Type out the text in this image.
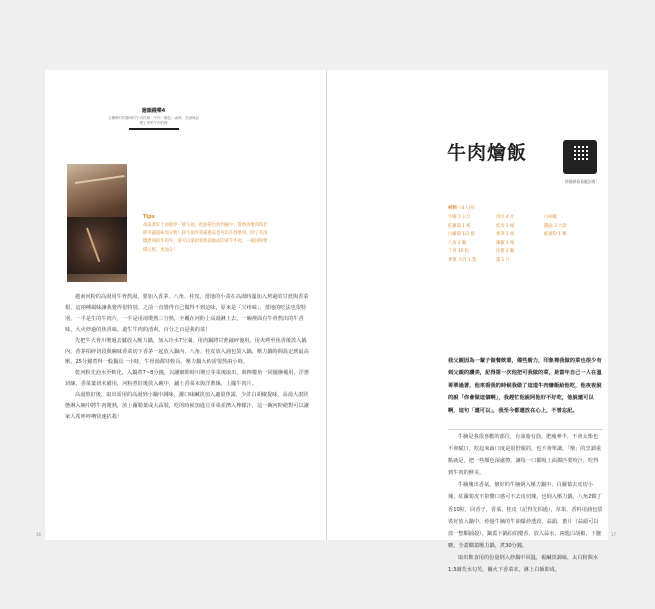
滬韻錢樂4
五種鄉村的鹽味的牛肉料理・牛肉・麵包・滷味、烹調與品嚐上等的牛肉料理
Tips
高湯煮好上面會浮一層牛油，把油撈出放到碗中，當炒清燉肉時若即可讓滋味加分喔！除牛油外常備蔥蒜也可以在炒菜用。除了有清燉煮熟的牛肉外，還可以拿剁骨熬湯做成的拿手牛肉，一碗河粉要價元呢，更加分！

越南河粉的高湯用牛骨熬湯，要加入香茅、八角、桂皮、當地的小苗在高湯時溫加入烤過的甘蔗與香菜根，這兩種風味讓我覺得很特別。之前一直覺得自己做得不到這味，原來是「欠疼味」，當地的吃法也很特別，一半是生的牛肉片，一半是用湯燙熟三分熟，全覆在河粉上高湯淋上去，一碗裡面有牛骨熬出的牛香味、大火炒過的焦香味，還生牛肉的清爽，百分之百是我的菜！

先把牛大骨川燙過去膩放入壓力鍋，加入冷水7分滿，用肉鍋將甘蔗敲碎後用，用火烤至焦香後放入鍋內，香茅拍碎切段與碗味香菜切下香茅一起放入鍋內，八角、桂皮放入滷包袋入鍋，壓力鍋時間設定到最高壓，25分鐘煮得一般鍋具一小時，牛骨湯都待較長，壓力鍋大約需要熬兩小時。

乾河粉先泡水至軟化，入鍋煮7~8分鐘，以濾網問時川燙豆芽菜後取出，與檸檬角一同擺盤備用，洋蔥切絲，香菜葉切末備用，河粉煮好後放入碗中，鋪上香菜末與洋蔥絲，上擺牛肉片。

高湯熬好後，取出需用的高湯到小鍋中調味，濾口味鹹淡加入適量魚露，少許白胡椒提味，高湯大滾狀態淋入碗中將牛肉燙熟，放上蘿勒葉或大蒜裝，吃的時候加進豆芽菜並擠入檸檬汁，這一碗河粉絕對可以讓家人希呼呼嚕快速扒殺！

16
牛肉燴飯
掃描掃看看做法喔！
材料（4人份）
牛腩 1 公斤	西洋 4 片	白胡椒
紅蘿蔔 1 根	桂皮 1 根	醬油 3 大匙
白蘿蔔 1/2 根	香茅 1 根	蛇球粉 1 顆
八角 2 顆	辣椒 1 根
丁香 10 粒	洋蔥 2 顆
香菜 少許 1 隻	薑 1 片
我父親因為一輩子做餐飲業，備些廚力，印象裡我做的菜也很少有到父親的讚美，記得第一次他把可我做的菜，是當年自己一人在溫哥華過著，他來看我的時候我做了這道牛肉燴飯給他吃，他夜夜說的說「你會做這個啊」，我趕忙他說阿他好不好吃，他說還可以啊，這句「還可以」，我至今都還放在心上，不曾忘記。

牛腩是我很喜歡的部位，有油脂有筋，肥瘦參半，不會太柴也不會膩口，吃起來齒口度是很舒服的，也不會單調。「燴」的烹調重點就是，把一些顏色深處擦，讓每一口都吸上面都匹要咬汁，吃得到牛肉的鮮美。

牛腩塊出香氣，燴好的牛腩倒入壓力鍋中，白蘿蔔去皮切小塊，紅蘿蔔皮不影響口感可不去皮切塊，也倒入壓力鍋，八角2顆丁香10粒，回香子，香菜、桂皮（記得先拍過），草果，香料用滷包袋裝好放入鍋中，炒過牛腩的牛油爆炒透段，蒜頭，蔥片（蒜頭可以放一整顆捕殺），鍋蓋下鍋拍拍攪香，放入蒜水，兩匙白胡椒，下鹽糖，全蓋燜蓋壓力鍋，煮30分鐘。

取出飲食用的份量倒入炒鍋中回溫，視鹹淡調味，太白粉與水1:3調芡水勾芡，關火下香菜末，淋上白飯即成。

17
